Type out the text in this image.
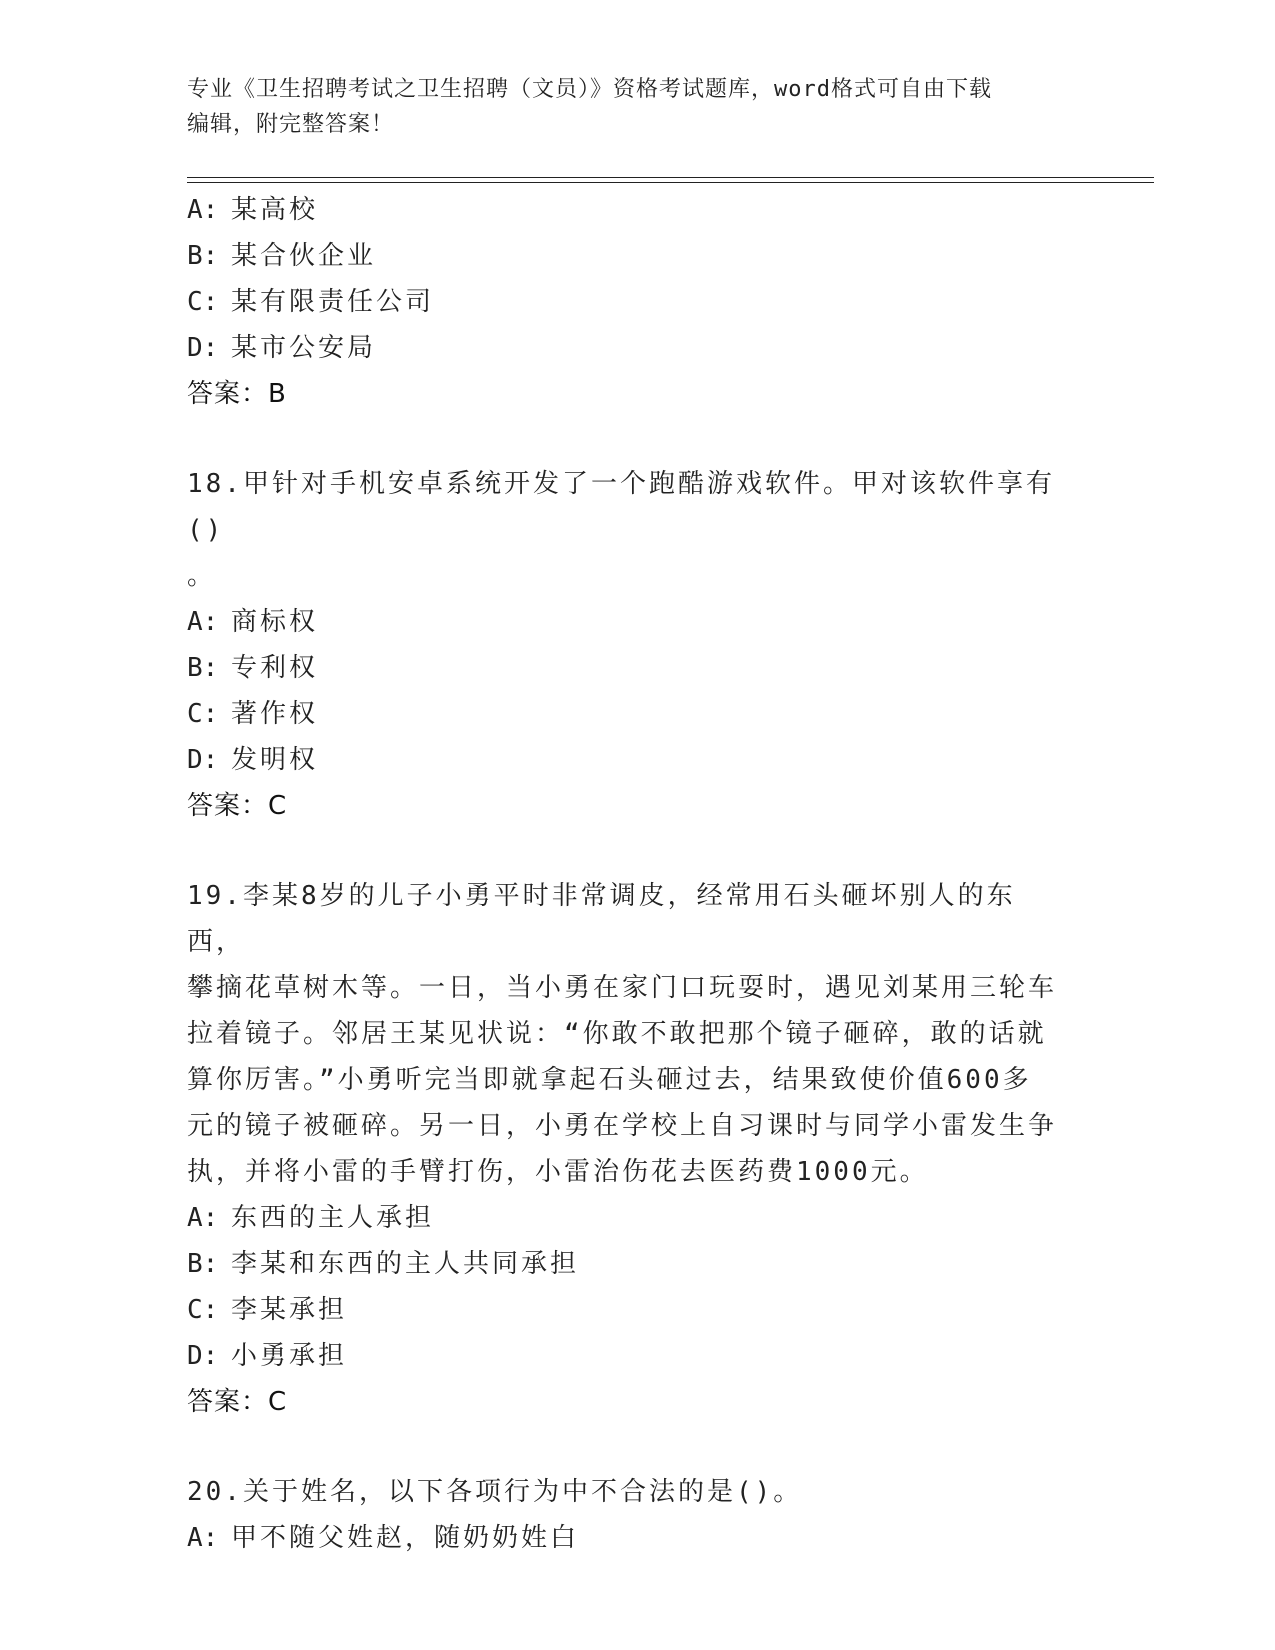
专业《卫生招聘考试之卫生招聘（文员）》资格考试题库，word格式可自由下载
编辑，附完整答案！
A: 某高校
B: 某合伙企业
C: 某有限责任公司
D: 某市公安局
答案：B
18.甲针对手机安卓系统开发了一个跑酷游戏软件。甲对该软件享有()
。
A: 商标权
B: 专利权
C: 著作权
D: 发明权
答案：C
19.李某8岁的儿子小勇平时非常调皮，经常用石头砸坏别人的东西，
攀摘花草树木等。一日，当小勇在家门口玩耍时，遇见刘某用三轮车
拉着镜子。邻居王某见状说：“你敢不敢把那个镜子砸碎，敢的话就
算你厉害。”小勇听完当即就拿起石头砸过去，结果致使价值600多
元的镜子被砸碎。另一日，小勇在学校上自习课时与同学小雷发生争
执，并将小雷的手臂打伤，小雷治伤花去医药费1000元。
A: 东西的主人承担
B: 李某和东西的主人共同承担
C: 李某承担
D: 小勇承担
答案：C
20.关于姓名，以下各项行为中不合法的是()。
A: 甲不随父姓赵，随奶奶姓白
